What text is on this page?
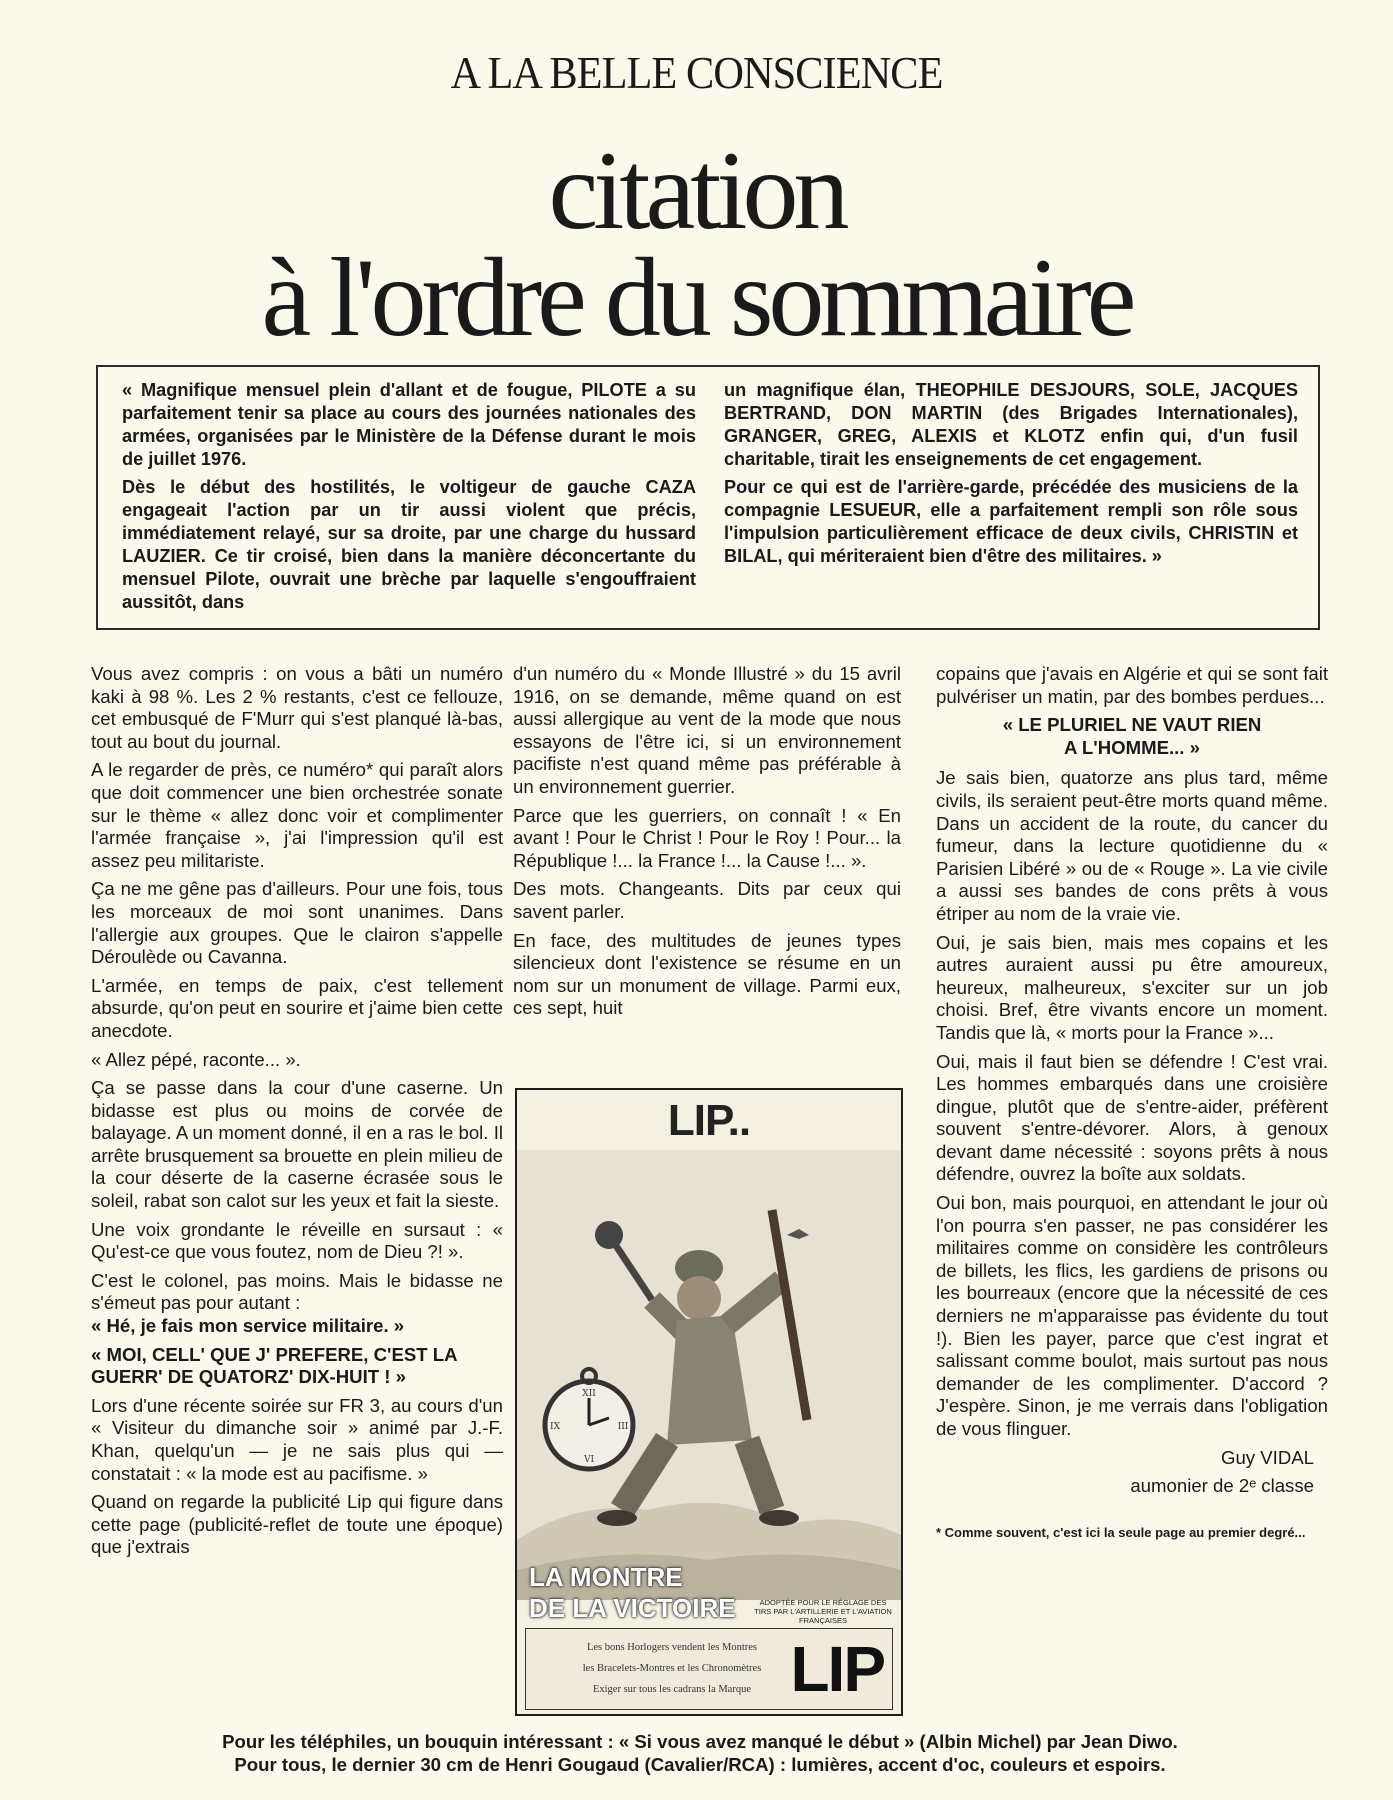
A LA BELLE CONSCIENCE
citation
à l'ordre du sommaire

« Magnifique mensuel plein d'allant et de fougue, PILOTE a su parfaitement tenir sa place au cours des journées nationales des armées, organisées par le Ministère de la Défense durant le mois de juillet 1976.

Dès le début des hostilités, le voltigeur de gauche CAZA engageait l'action par un tir aussi violent que précis, immédiatement relayé, sur sa droite, par une charge du hussard LAUZIER. Ce tir croisé, bien dans la manière déconcertante du mensuel Pilote, ouvrait une brèche par laquelle s'engouffraient aussitôt, dans

un magnifique élan, THEOPHILE DESJOURS, SOLE, JACQUES BERTRAND, DON MARTIN (des Brigades Internationales), GRANGER, GREG, ALEXIS et KLOTZ enfin qui, d'un fusil charitable, tirait les enseignements de cet engagement.

Pour ce qui est de l'arrière-garde, précédée des musiciens de la compagnie LESUEUR, elle a parfaitement rempli son rôle sous l'impulsion particulièrement efficace de deux civils, CHRISTIN et BILAL, qui mériteraient bien d'être des militaires. »

Vous avez compris : on vous a bâti un numéro kaki à 98 %. Les 2 % restants, c'est ce fellouze, cet embusqué de F'Murr qui s'est planqué là-bas, tout au bout du journal.

A le regarder de près, ce numéro* qui paraît alors que doit commencer une bien orchestrée sonate sur le thème « allez donc voir et complimenter l'armée française », j'ai l'impression qu'il est assez peu militariste.

Ça ne me gêne pas d'ailleurs. Pour une fois, tous les morceaux de moi sont unanimes. Dans l'allergie aux groupes. Que le clairon s'appelle Déroulède ou Cavanna.

L'armée, en temps de paix, c'est tellement absurde, qu'on peut en sourire et j'aime bien cette anecdote.

« Allez pépé, raconte... ».

Ça se passe dans la cour d'une caserne. Un bidasse est plus ou moins de corvée de balayage. A un moment donné, il en a ras le bol. Il arrête brusquement sa brouette en plein milieu de la cour déserte de la caserne écrasée sous le soleil, rabat son calot sur les yeux et fait la sieste.

Une voix grondante le réveille en sursaut : « Qu'est-ce que vous foutez, nom de Dieu ?! ».

C'est le colonel, pas moins. Mais le bidasse ne s'émeut pas pour autant :

« Hé, je fais mon service militaire. »

« MOI, CELL' QUE J' PREFERE, C'EST LA GUERR' DE QUATORZ' DIX-HUIT ! »

Lors d'une récente soirée sur FR 3, au cours d'un « Visiteur du dimanche soir » animé par J.-F. Khan, quelqu'un — je ne sais plus qui — constatait : « la mode est au pacifisme. »

Quand on regarde la publicité Lip qui figure dans cette page (publicité-reflet de toute une époque) que j'extrais

d'un numéro du « Monde Illustré » du 15 avril 1916, on se demande, même quand on est aussi allergique au vent de la mode que nous essayons de l'être ici, si un environnement pacifiste n'est quand même pas préférable à un environnement guerrier.

Parce que les guerriers, on connaît ! « En avant ! Pour le Christ ! Pour le Roy ! Pour... la République !... la France !... la Cause !... ».

Des mots. Changeants. Dits par ceux qui savent parler.

En face, des multitudes de jeunes types silencieux dont l'existence se résume en un nom sur un monument de village. Parmi eux, ces sept, huit

LIP..
XII
III
VI
IX
LA MONTRE
DE LA VICTOIRE	ADOPTÉE POUR LE RÉGLAGE DES TIRS PAR L'ARTILLERIE ET L'AVIATION FRANÇAISES
Les bons Horlogers vendent les Montres
les Bracelets-Montres et les Chronomètres
Exiger sur tous les cadrans la Marque LIP

copains que j'avais en Algérie et qui se sont fait pulvériser un matin, par des bombes perdues...

« LE PLURIEL NE VAUT RIEN
A L'HOMME... »

Je sais bien, quatorze ans plus tard, même civils, ils seraient peut-être morts quand même. Dans un accident de la route, du cancer du fumeur, dans la lecture quotidienne du « Parisien Libéré » ou de « Rouge ». La vie civile a aussi ses bandes de cons prêts à vous étriper au nom de la vraie vie.

Oui, je sais bien, mais mes copains et les autres auraient aussi pu être amoureux, heureux, malheureux, s'exciter sur un job choisi. Bref, être vivants encore un moment. Tandis que là, « morts pour la France »...

Oui, mais il faut bien se défendre ! C'est vrai. Les hommes embarqués dans une croisière dingue, plutôt que de s'entre-aider, préfèrent souvent s'entre-dévorer. Alors, à genoux devant dame nécessité : soyons prêts à nous défendre, ouvrez la boîte aux soldats.

Oui bon, mais pourquoi, en attendant le jour où l'on pourra s'en passer, ne pas considérer les militaires comme on considère les contrôleurs de billets, les flics, les gardiens de prisons ou les bourreaux (encore que la nécessité de ces derniers ne m'apparaisse pas évidente du tout !). Bien les payer, parce que c'est ingrat et salissant comme boulot, mais surtout pas nous demander de les complimenter. D'accord ? J'espère. Sinon, je me verrais dans l'obligation de vous flinguer.

Guy VIDAL

aumonier de 2ᵉ classe

* Comme souvent, c'est ici la seule page au premier degré...
Pour les téléphiles, un bouquin intéressant : « Si vous avez manqué le début » (Albin Michel) par Jean Diwo.
Pour tous, le dernier 30 cm de Henri Gougaud (Cavalier/RCA) : lumières, accent d'oc, couleurs et espoirs.
